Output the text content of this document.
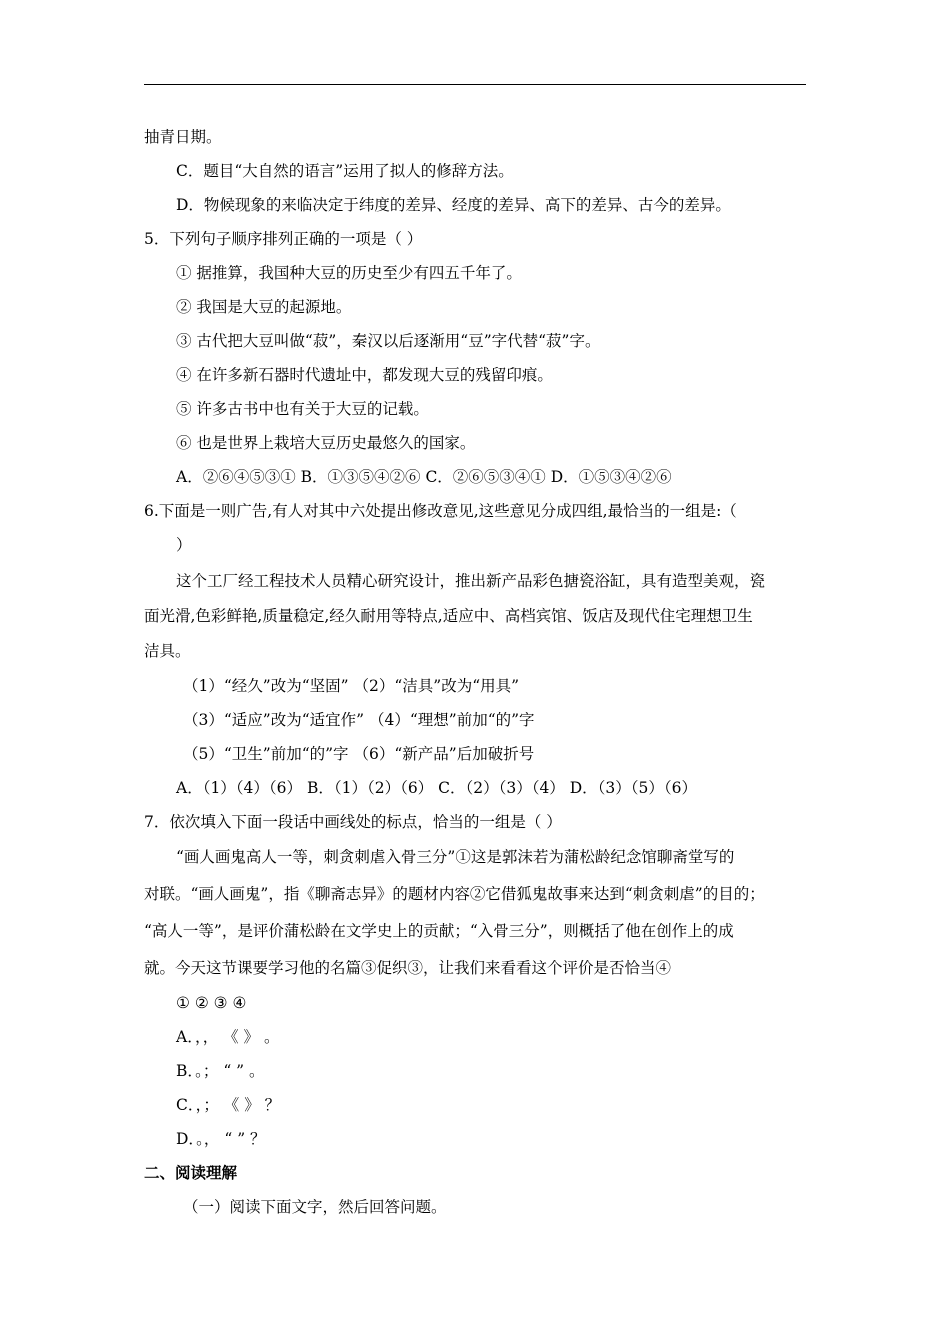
抽青日期。
C．题目“大自然的语言”运用了拟人的修辞方法。
D．物候现象的来临决定于纬度的差异、经度的差异、高下的差异、古今的差异。
5．下列句子顺序排列正确的一项是（ ）
① 据推算，我国种大豆的历史至少有四五千年了。
② 我国是大豆的起源地。
③ 古代把大豆叫做“菽”，秦汉以后逐渐用“豆”字代替“菽”字。
④ 在许多新石器时代遗址中，都发现大豆的残留印痕。
⑤ 许多古书中也有关于大豆的记载。
⑥ 也是世界上栽培大豆历史最悠久的国家。
A．②⑥④⑤③① B．①③⑤④②⑥ C．②⑥⑤③④① D．①⑤③④②⑥
6.下面是一则广告,有人对其中六处提出修改意见,这些意见分成四组,最恰当的一组是:（
）
这个工厂经工程技术人员精心研究设计，推出新产品彩色搪瓷浴缸，具有造型美观，瓷
面光滑,色彩鲜艳,质量稳定,经久耐用等特点,适应中、高档宾馆、饭店及现代住宅理想卫生
洁具。
（1）“经久”改为“坚固” （2）“洁具”改为“用具”
（3）“适应”改为“适宜作” （4）“理想”前加“的”字
（5）“卫生”前加“的”字 （6）“新产品”后加破折号
A．（1）（4）（6） B．（1）（2）（6） C．（2）（3）（4） D．（3）（5）（6）
7．依次填入下面一段话中画线处的标点，恰当的一组是（ ）
“画人画鬼高人一等，刺贪刺虐入骨三分”①这是郭沫若为蒲松龄纪念馆聊斋堂写的
对联。“画人画鬼”，指《聊斋志异》的题材内容②它借狐鬼故事来达到“刺贪刺虐”的目的；
“高人一等”，是评价蒲松龄在文学史上的贡献；“入骨三分”，则概括了他在创作上的成
就。今天这节课要学习他的名篇③促织③，让我们来看看这个评价是否恰当④
① ② ③ ④
A．，， 《 》 。
B．。； “ ” 。
C．，； 《 》 ？
D．。， “ ” ？
二、阅读理解
（一）阅读下面文字，然后回答问题。
